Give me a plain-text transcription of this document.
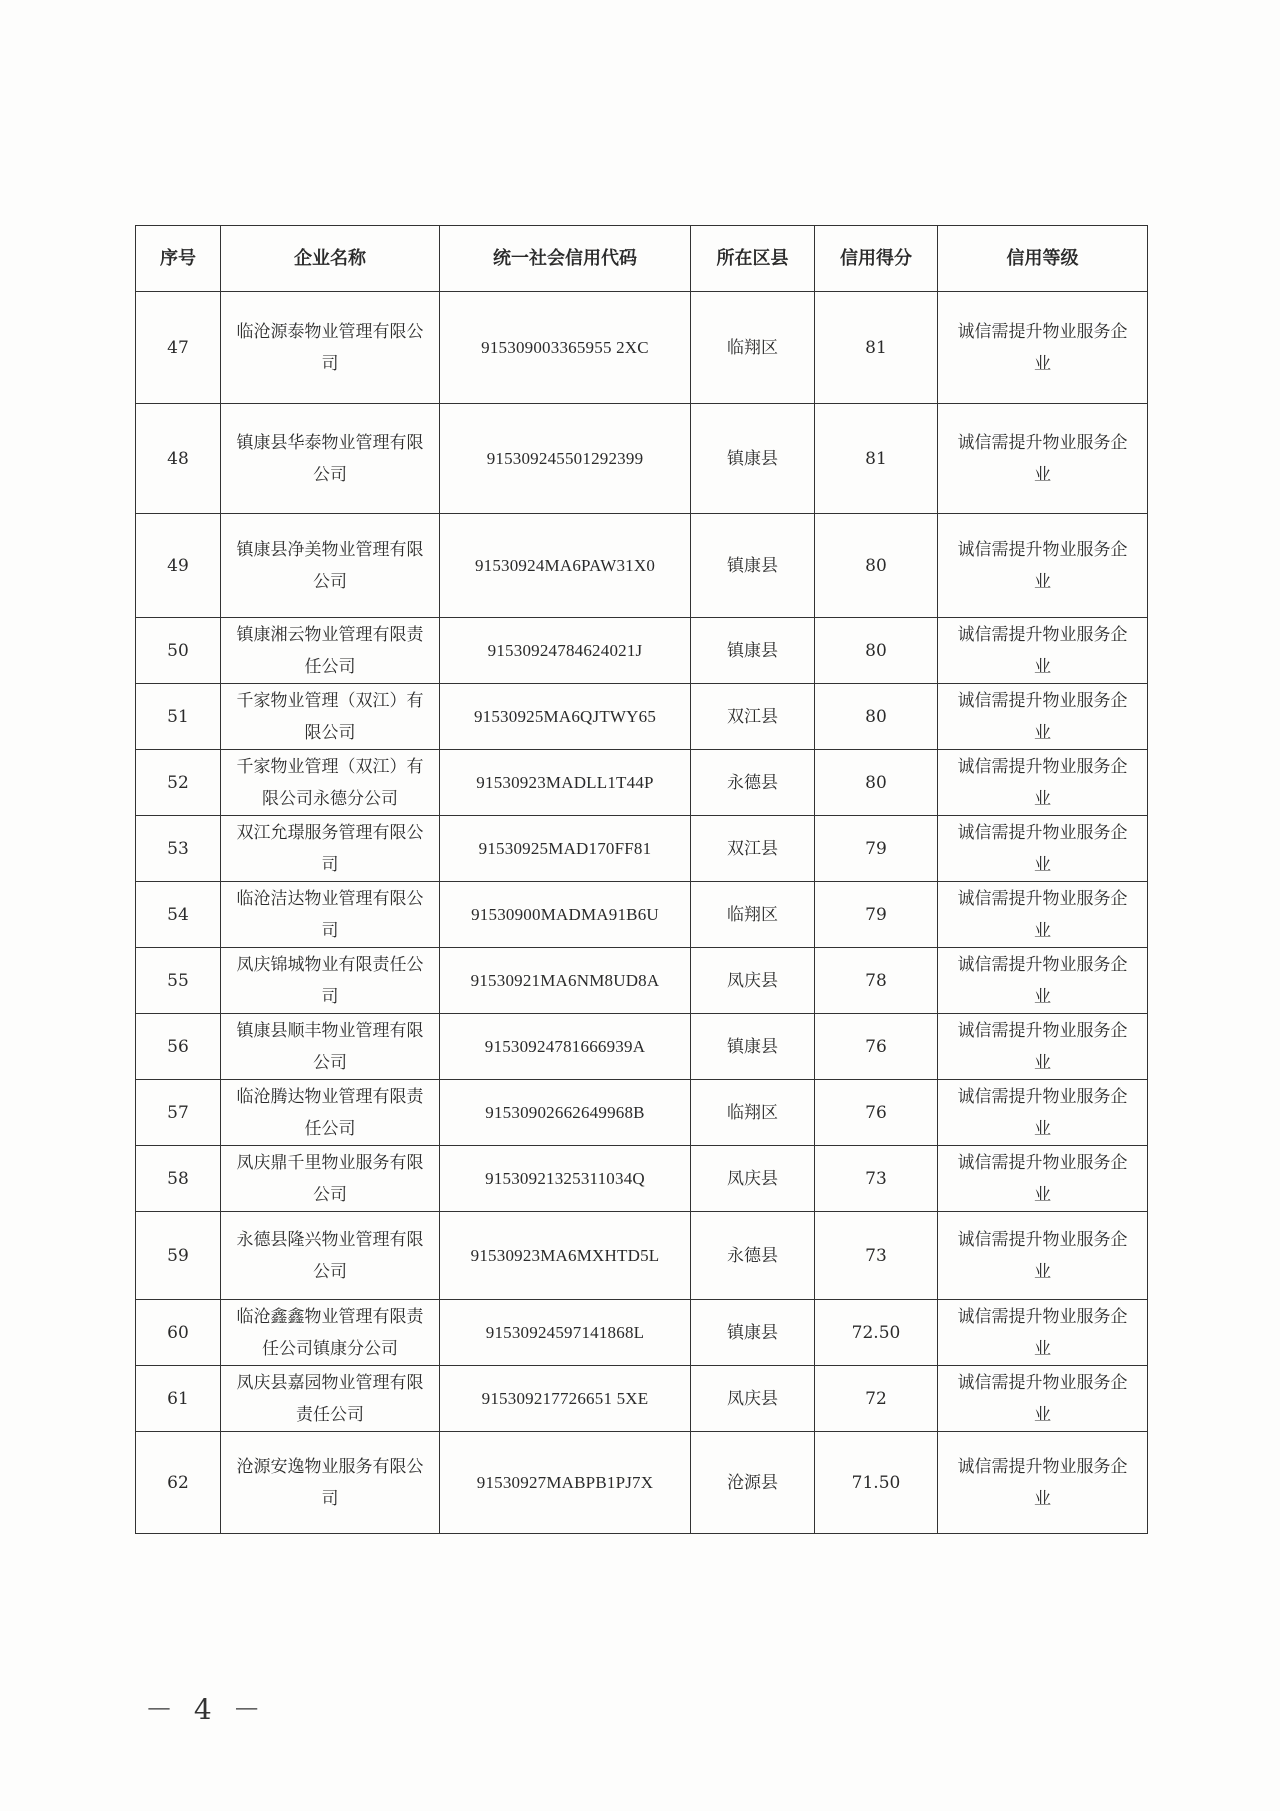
序号	企业名称	统一社会信用代码	所在区县	信用得分	信用等级
47	临沧源泰物业管理有限公司	915309003365955 2XC	临翔区	81	诚信需提升物业服务企业
48	镇康县华泰物业管理有限公司	915309245501292399	镇康县	81	诚信需提升物业服务企业
49	镇康县净美物业管理有限公司	91530924MA6PAW31X0	镇康县	80	诚信需提升物业服务企业
50	镇康湘云物业管理有限责任公司	91530924784624021J	镇康县	80	诚信需提升物业服务企业
51	千家物业管理（双江）有限公司	91530925MA6QJTWY65	双江县	80	诚信需提升物业服务企业
52	千家物业管理（双江）有限公司永德分公司	91530923MADLL1T44P	永德县	80	诚信需提升物业服务企业
53	双江允璟服务管理有限公司	91530925MAD170FF81	双江县	79	诚信需提升物业服务企业
54	临沧洁达物业管理有限公司	91530900MADMA91B6U	临翔区	79	诚信需提升物业服务企业
55	凤庆锦城物业有限责任公司	91530921MA6NM8UD8A	凤庆县	78	诚信需提升物业服务企业
56	镇康县顺丰物业管理有限公司	91530924781666939A	镇康县	76	诚信需提升物业服务企业
57	临沧腾达物业管理有限责任公司	91530902662649968B	临翔区	76	诚信需提升物业服务企业
58	凤庆鼎千里物业服务有限公司	91530921325311034Q	凤庆县	73	诚信需提升物业服务企业
59	永德县隆兴物业管理有限公司	91530923MA6MXHTD5L	永德县	73	诚信需提升物业服务企业
60	临沧鑫鑫物业管理有限责任公司镇康分公司	91530924597141868L	镇康县	72.50	诚信需提升物业服务企业
61	凤庆县嘉园物业管理有限责任公司	915309217726651 5XE	凤庆县	72	诚信需提升物业服务企业
62	沧源安逸物业服务有限公司	91530927MABPB1PJ7X	沧源县	71.50	诚信需提升物业服务企业
－ 4 －
